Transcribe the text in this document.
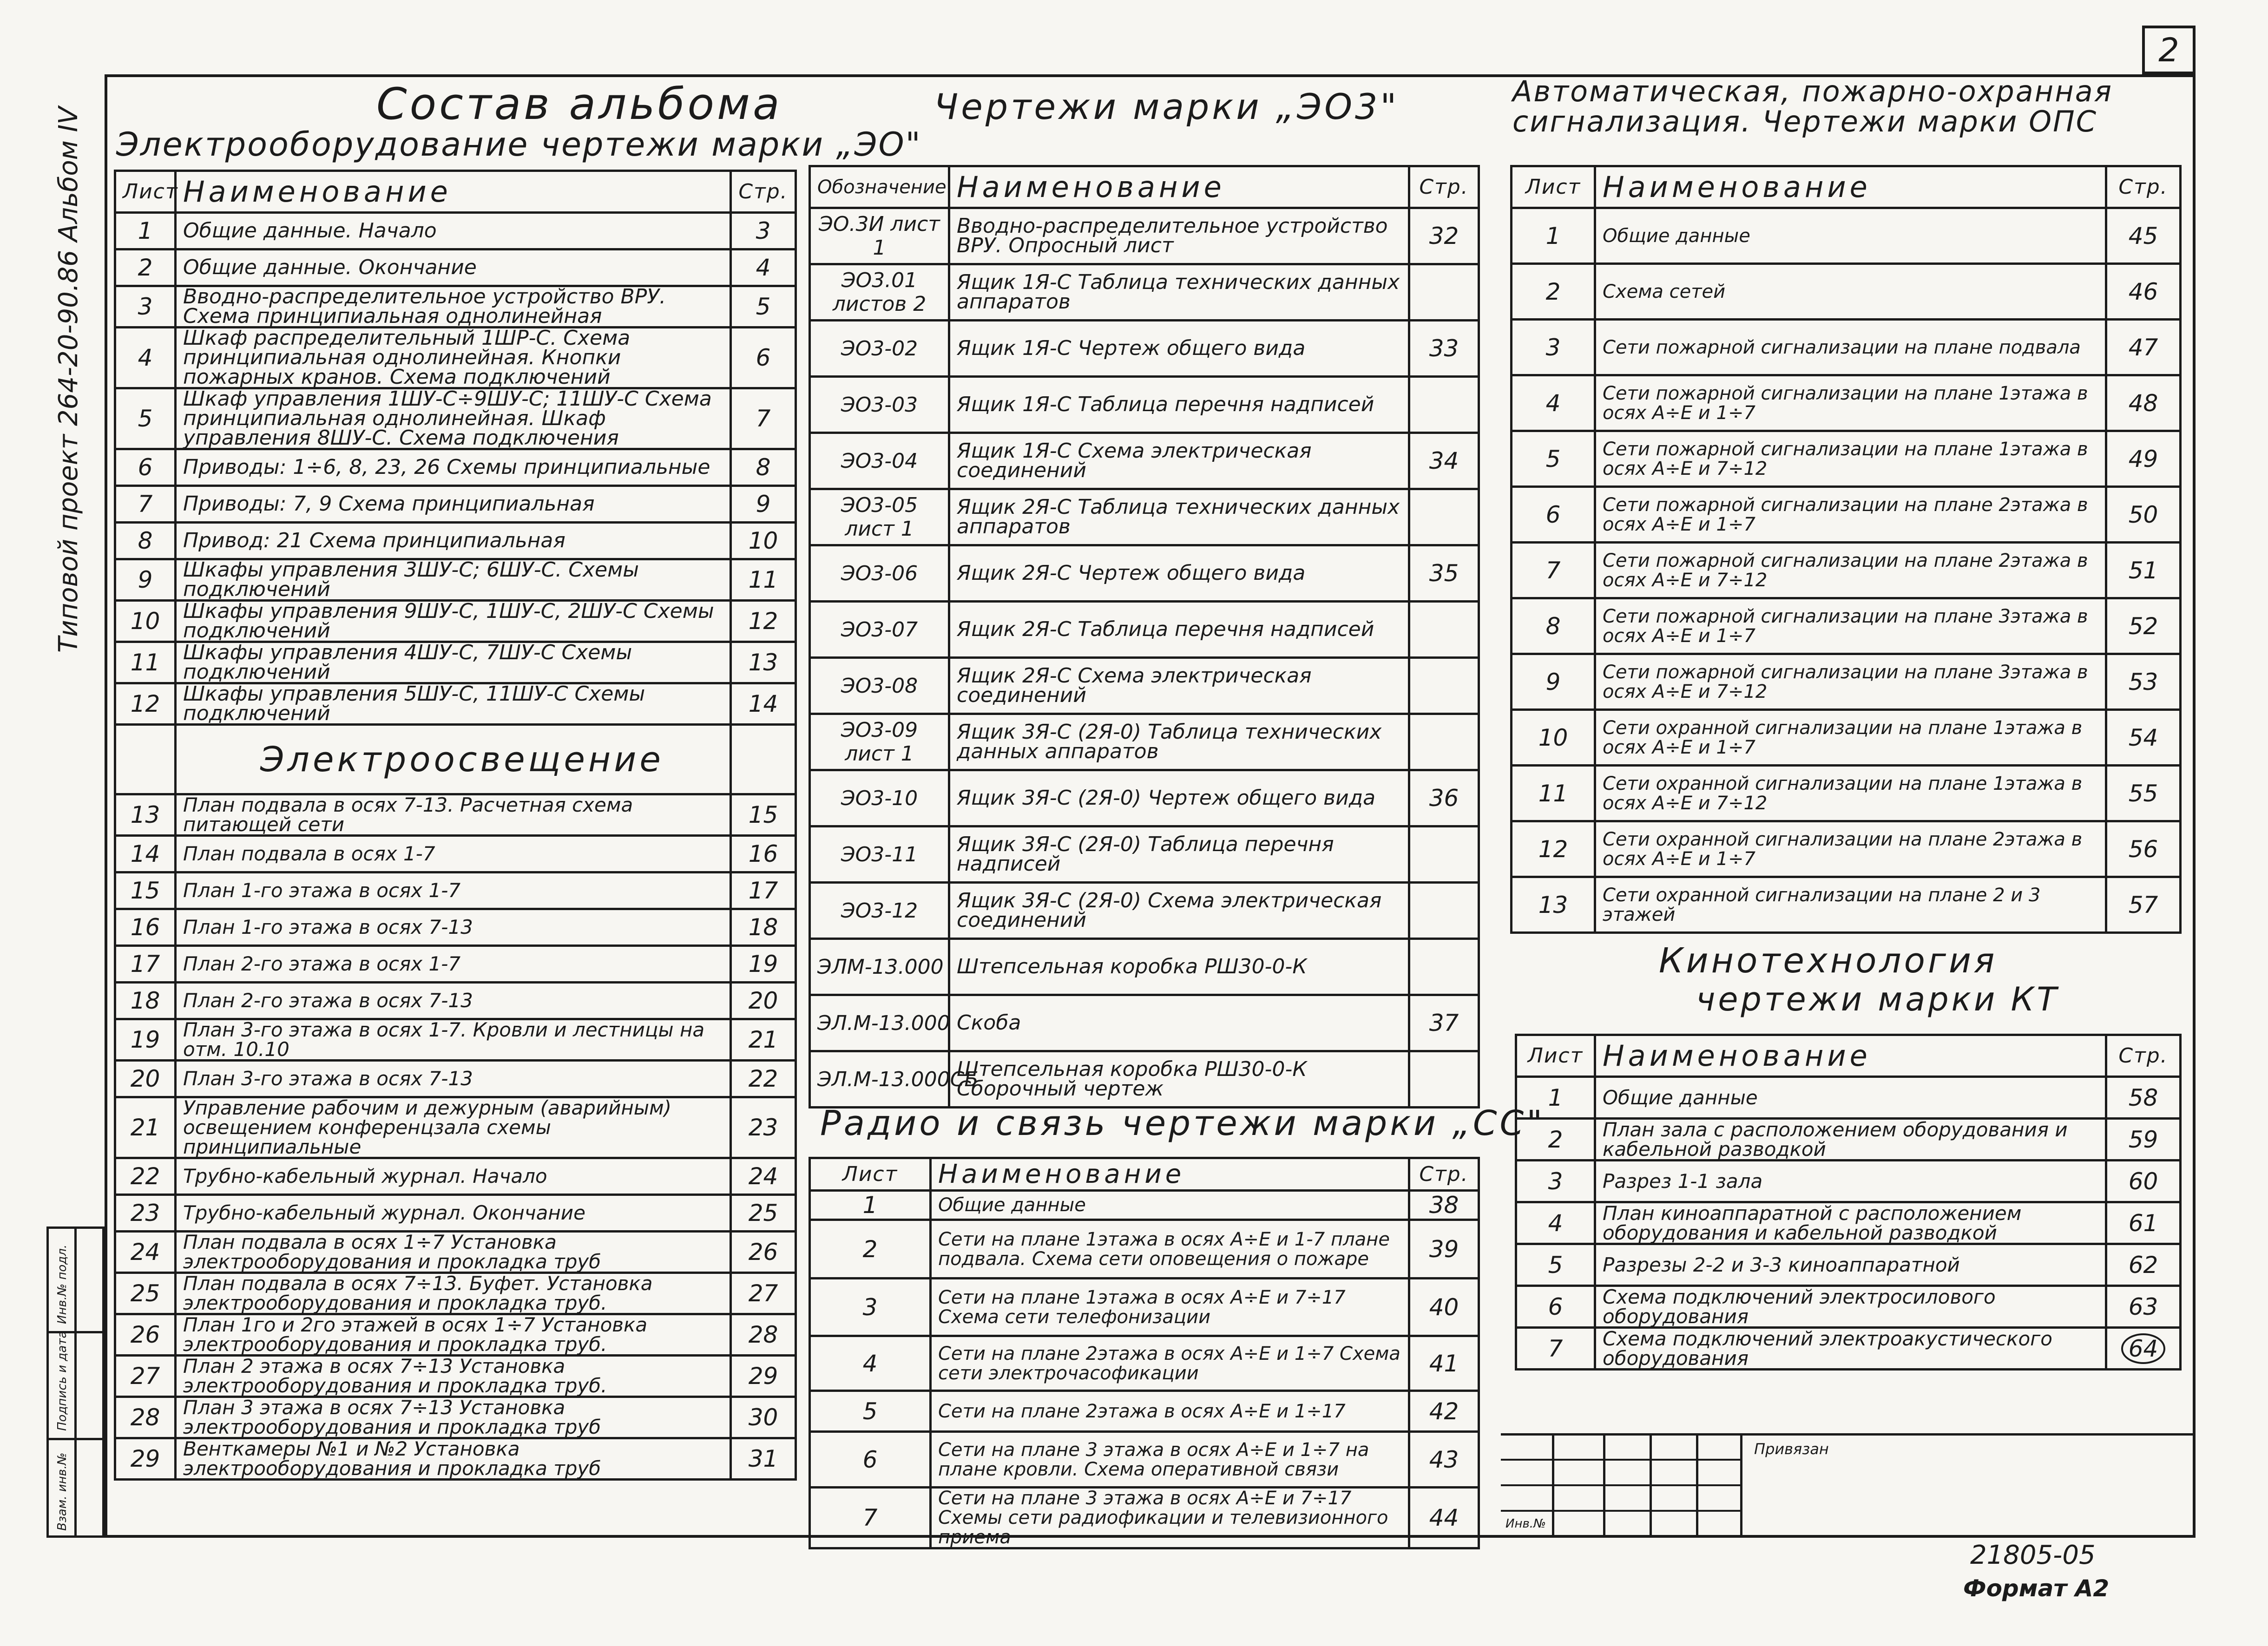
2
Типовой проект 264-20-90.86 Альбом IV
Инв.№ подл.
Подпись и дата
Взам. инв.№
Состав альбома
Электрооборудование чертежи марки „ЭО"
Лист	Наименование	Стр.
1	Общие данные. Начало	3
2	Общие данные. Окончание	4
3	Вводно-распределительное устройство ВРУ. Схема принципиальная однолинейная	5
4	Шкаф распределительный 1ШР-С. Схема принципиальная однолинейная. Кнопки пожарных кранов. Схема подключений	6
5	Шкаф управления 1ШУ-С÷9ШУ-С; 11ШУ-С Схема принципиальная однолинейная. Шкаф управления 8ШУ-С. Схема подключения	7
6	Приводы: 1÷6, 8, 23, 26 Схемы принципиальные	8
7	Приводы: 7, 9 Схема принципиальная	9
8	Привод: 21 Схема принципиальная	10
9	Шкафы управления 3ШУ-С; 6ШУ-С. Схемы подключений	11
10	Шкафы управления 9ШУ-С, 1ШУ-С, 2ШУ-С Схемы подключений	12
11	Шкафы управления 4ШУ-С, 7ШУ-С Схемы подключений	13
12	Шкафы управления 5ШУ-С, 11ШУ-С Схемы подключений	14
	Электроосвещение	
13	План подвала в осях 7-13. Расчетная схема питающей сети	15
14	План подвала в осях 1-7	16
15	План 1-го этажа в осях 1-7	17
16	План 1-го этажа в осях 7-13	18
17	План 2-го этажа в осях 1-7	19
18	План 2-го этажа в осях 7-13	20
19	План 3-го этажа в осях 1-7. Кровли и лестницы на отм. 10.10	21
20	План 3-го этажа в осях 7-13	22
21	Управление рабочим и дежурным (аварийным) освещением конференцзала схемы принципиальные	23
22	Трубно-кабельный журнал. Начало	24
23	Трубно-кабельный журнал. Окончание	25
24	План подвала в осях 1÷7 Установка электрооборудования и прокладка труб	26
25	План подвала в осях 7÷13. Буфет. Установка электрооборудования и прокладка труб.	27
26	План 1го и 2го этажей в осях 1÷7 Установка электрооборудования и прокладка труб.	28
27	План 2 этажа в осях 7÷13 Установка электрооборудования и прокладка труб.	29
28	План 3 этажа в осях 7÷13 Установка электрооборудования и прокладка труб	30
29	Венткамеры №1 и №2 Установка электрооборудования и прокладка труб	31
Чертежи марки „ЭО3"
Обозначение	Наименование	Стр.
ЭО.3И лист 1	Вводно-распределительное устройство ВРУ. Опросный лист	32
ЭО3.01 листов 2	Ящик 1Я-С Таблица технических данных аппаратов	
ЭО3-02	Ящик 1Я-С Чертеж общего вида	33
ЭО3-03	Ящик 1Я-С Таблица перечня надписей	
ЭО3-04	Ящик 1Я-С Схема электрическая соединений	34
ЭО3-05 лист 1	Ящик 2Я-С Таблица технических данных аппаратов	
ЭО3-06	Ящик 2Я-С Чертеж общего вида	35
ЭО3-07	Ящик 2Я-С Таблица перечня надписей	
ЭО3-08	Ящик 2Я-С Схема электрическая соединений	
ЭО3-09 лист 1	Ящик 3Я-С (2Я-0) Таблица технических данных аппаратов	
ЭО3-10	Ящик 3Я-С (2Я-0) Чертеж общего вида	36
ЭО3-11	Ящик 3Я-С (2Я-0) Таблица перечня надписей	
ЭО3-12	Ящик 3Я-С (2Я-0) Схема электрическая соединений	
ЭЛМ-13.000	Штепсельная коробка РШ30-0-К	
ЭЛ.М-13.000	Скоба	37
ЭЛ.М-13.000СБ	Штепсельная коробка РШ30-0-К Сборочный чертеж	
Радио и связь чертежи марки „СС"
Лист	Наименование	Стр.
1	Общие данные	38
2	Сети на плане 1этажа в осях А÷Е и 1-7 плане подвала. Схема сети оповещения о пожаре	39
3	Сети на плане 1этажа в осях А÷Е и 7÷17 Схема сети телефонизации	40
4	Сети на плане 2этажа в осях А÷Е и 1÷7 Схема сети электрочасофикации	41
5	Сети на плане 2этажа в осях А÷Е и 1÷17	42
6	Сети на плане 3 этажа в осях А÷Е и 1÷7 на плане кровли. Схема оперативной связи	43
7	Сети на плане 3 этажа в осях А÷Е и 7÷17 Схемы сети радиофикации и телевизионного приема	44
Автоматическая, пожарно-охранная
сигнализация. Чертежи марки ОПС
Лист	Наименование	Стр.
1	Общие данные	45
2	Схема сетей	46
3	Сети пожарной сигнализации на плане подвала	47
4	Сети пожарной сигнализации на плане 1этажа в осях А÷Е и 1÷7	48
5	Сети пожарной сигнализации на плане 1этажа в осях А÷Е и 7÷12	49
6	Сети пожарной сигнализации на плане 2этажа в осях А÷Е и 1÷7	50
7	Сети пожарной сигнализации на плане 2этажа в осях А÷Е и 7÷12	51
8	Сети пожарной сигнализации на плане 3этажа в осях А÷Е и 1÷7	52
9	Сети пожарной сигнализации на плане 3этажа в осях А÷Е и 7÷12	53
10	Сети охранной сигнализации на плане 1этажа в осях А÷Е и 1÷7	54
11	Сети охранной сигнализации на плане 1этажа в осях А÷Е и 7÷12	55
12	Сети охранной сигнализации на плане 2этажа в осях А÷Е и 1÷7	56
13	Сети охранной сигнализации на плане 2 и 3 этажей	57
Кинотехнология
чертежи марки КТ
Лист	Наименование	Стр.
1	Общие данные	58
2	План зала с расположением оборудования и кабельной разводкой	59
3	Разрез 1-1 зала	60
4	План киноаппаратной с расположением оборудования и кабельной разводкой	61
5	Разрезы 2-2 и 3-3 киноаппаратной	62
6	Схема подключений электросилового оборудования	63
7	Схема подключений электроакустического оборудования	64
Привязан
Инв.№
21805-05
Формат А2
